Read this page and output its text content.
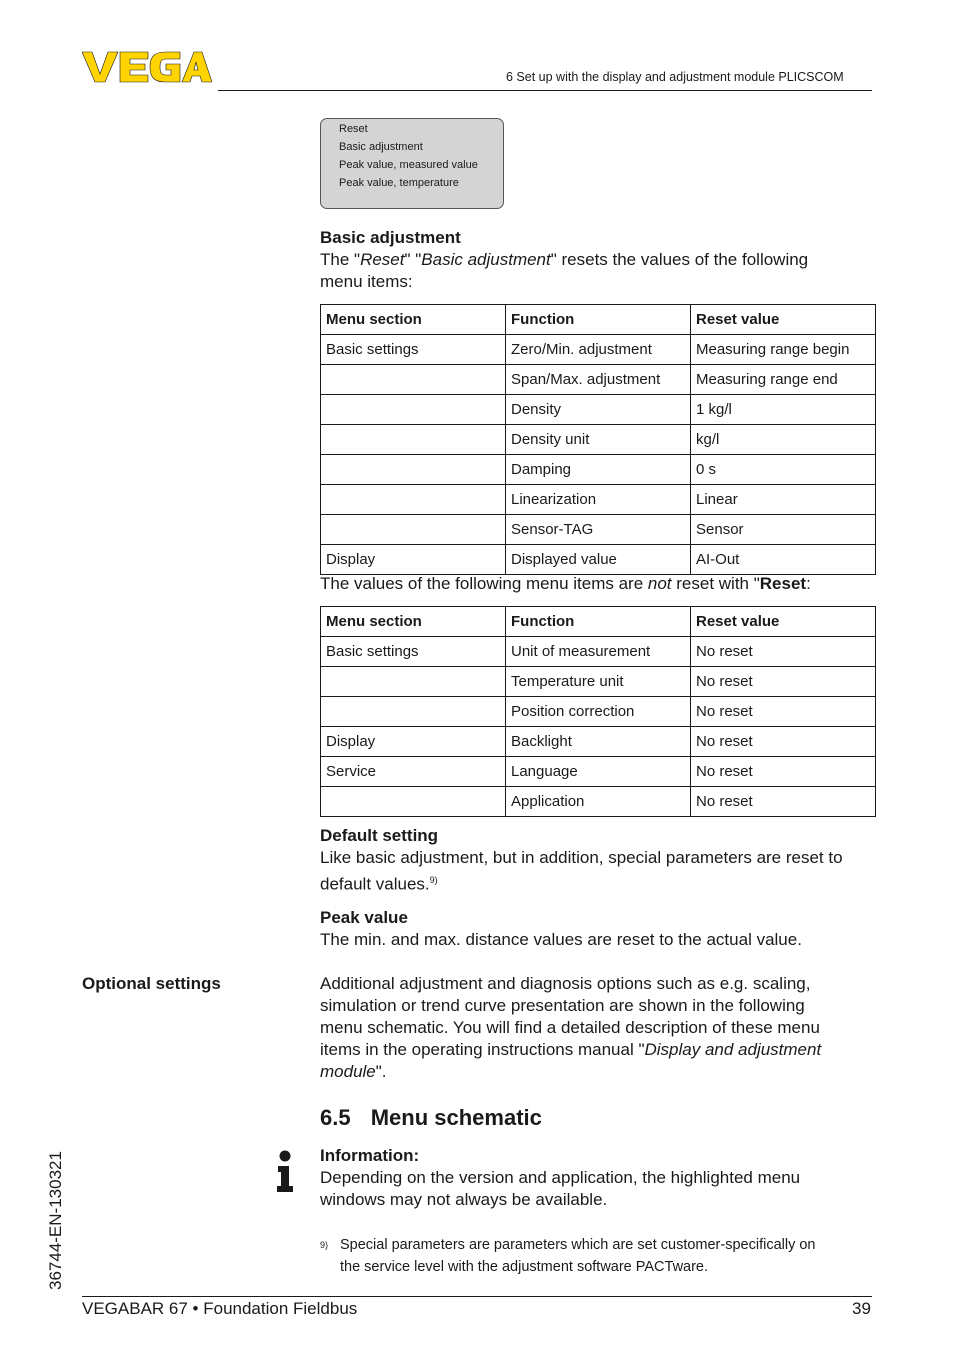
6 Set up with the display and adjustment module PLICSCOM
Reset
Basic adjustment
Peak value, measured value
Peak value, temperature
Basic adjustment
The "Reset" "Basic adjustment" resets the values of the following
menu items:
Menu section	Function	Reset value
Basic settings	Zero/Min. adjustment	Measuring range begin
	Span/Max. adjustment	Measuring range end
	Density	1 kg/l
	Density unit	kg/l
	Damping	0 s
	Linearization	Linear
	Sensor-TAG	Sensor
Display	Displayed value	AI-Out
The values of the following menu items are not reset with "Reset:
Menu section	Function	Reset value
Basic settings	Unit of measurement	No reset
	Temperature unit	No reset
	Position correction	No reset
Display	Backlight	No reset
Service	Language	No reset
	Application	No reset
Default setting
Like basic adjustment, but in addition, special parameters are reset to
default values.$^{9)}$
Peak value
The min. and max. distance values are reset to the actual value.
Optional settings	Additional adjustment and diagnosis options such as e.g. scaling,
simulation or trend curve presentation are shown in the following
menu schematic. You will find a detailed description of these menu
items in the operating instructions manual "Display and adjustment
module".
6.5 Menu schematic
Information:
Depending on the version and application, the highlighted menu
windows may not always be available.
9) Special parameters are parameters which are set customer-specifically on
the service level with the adjustment software PACTware.
36744-EN-130321
VEGABAR 67 • Foundation Fieldbus	39
